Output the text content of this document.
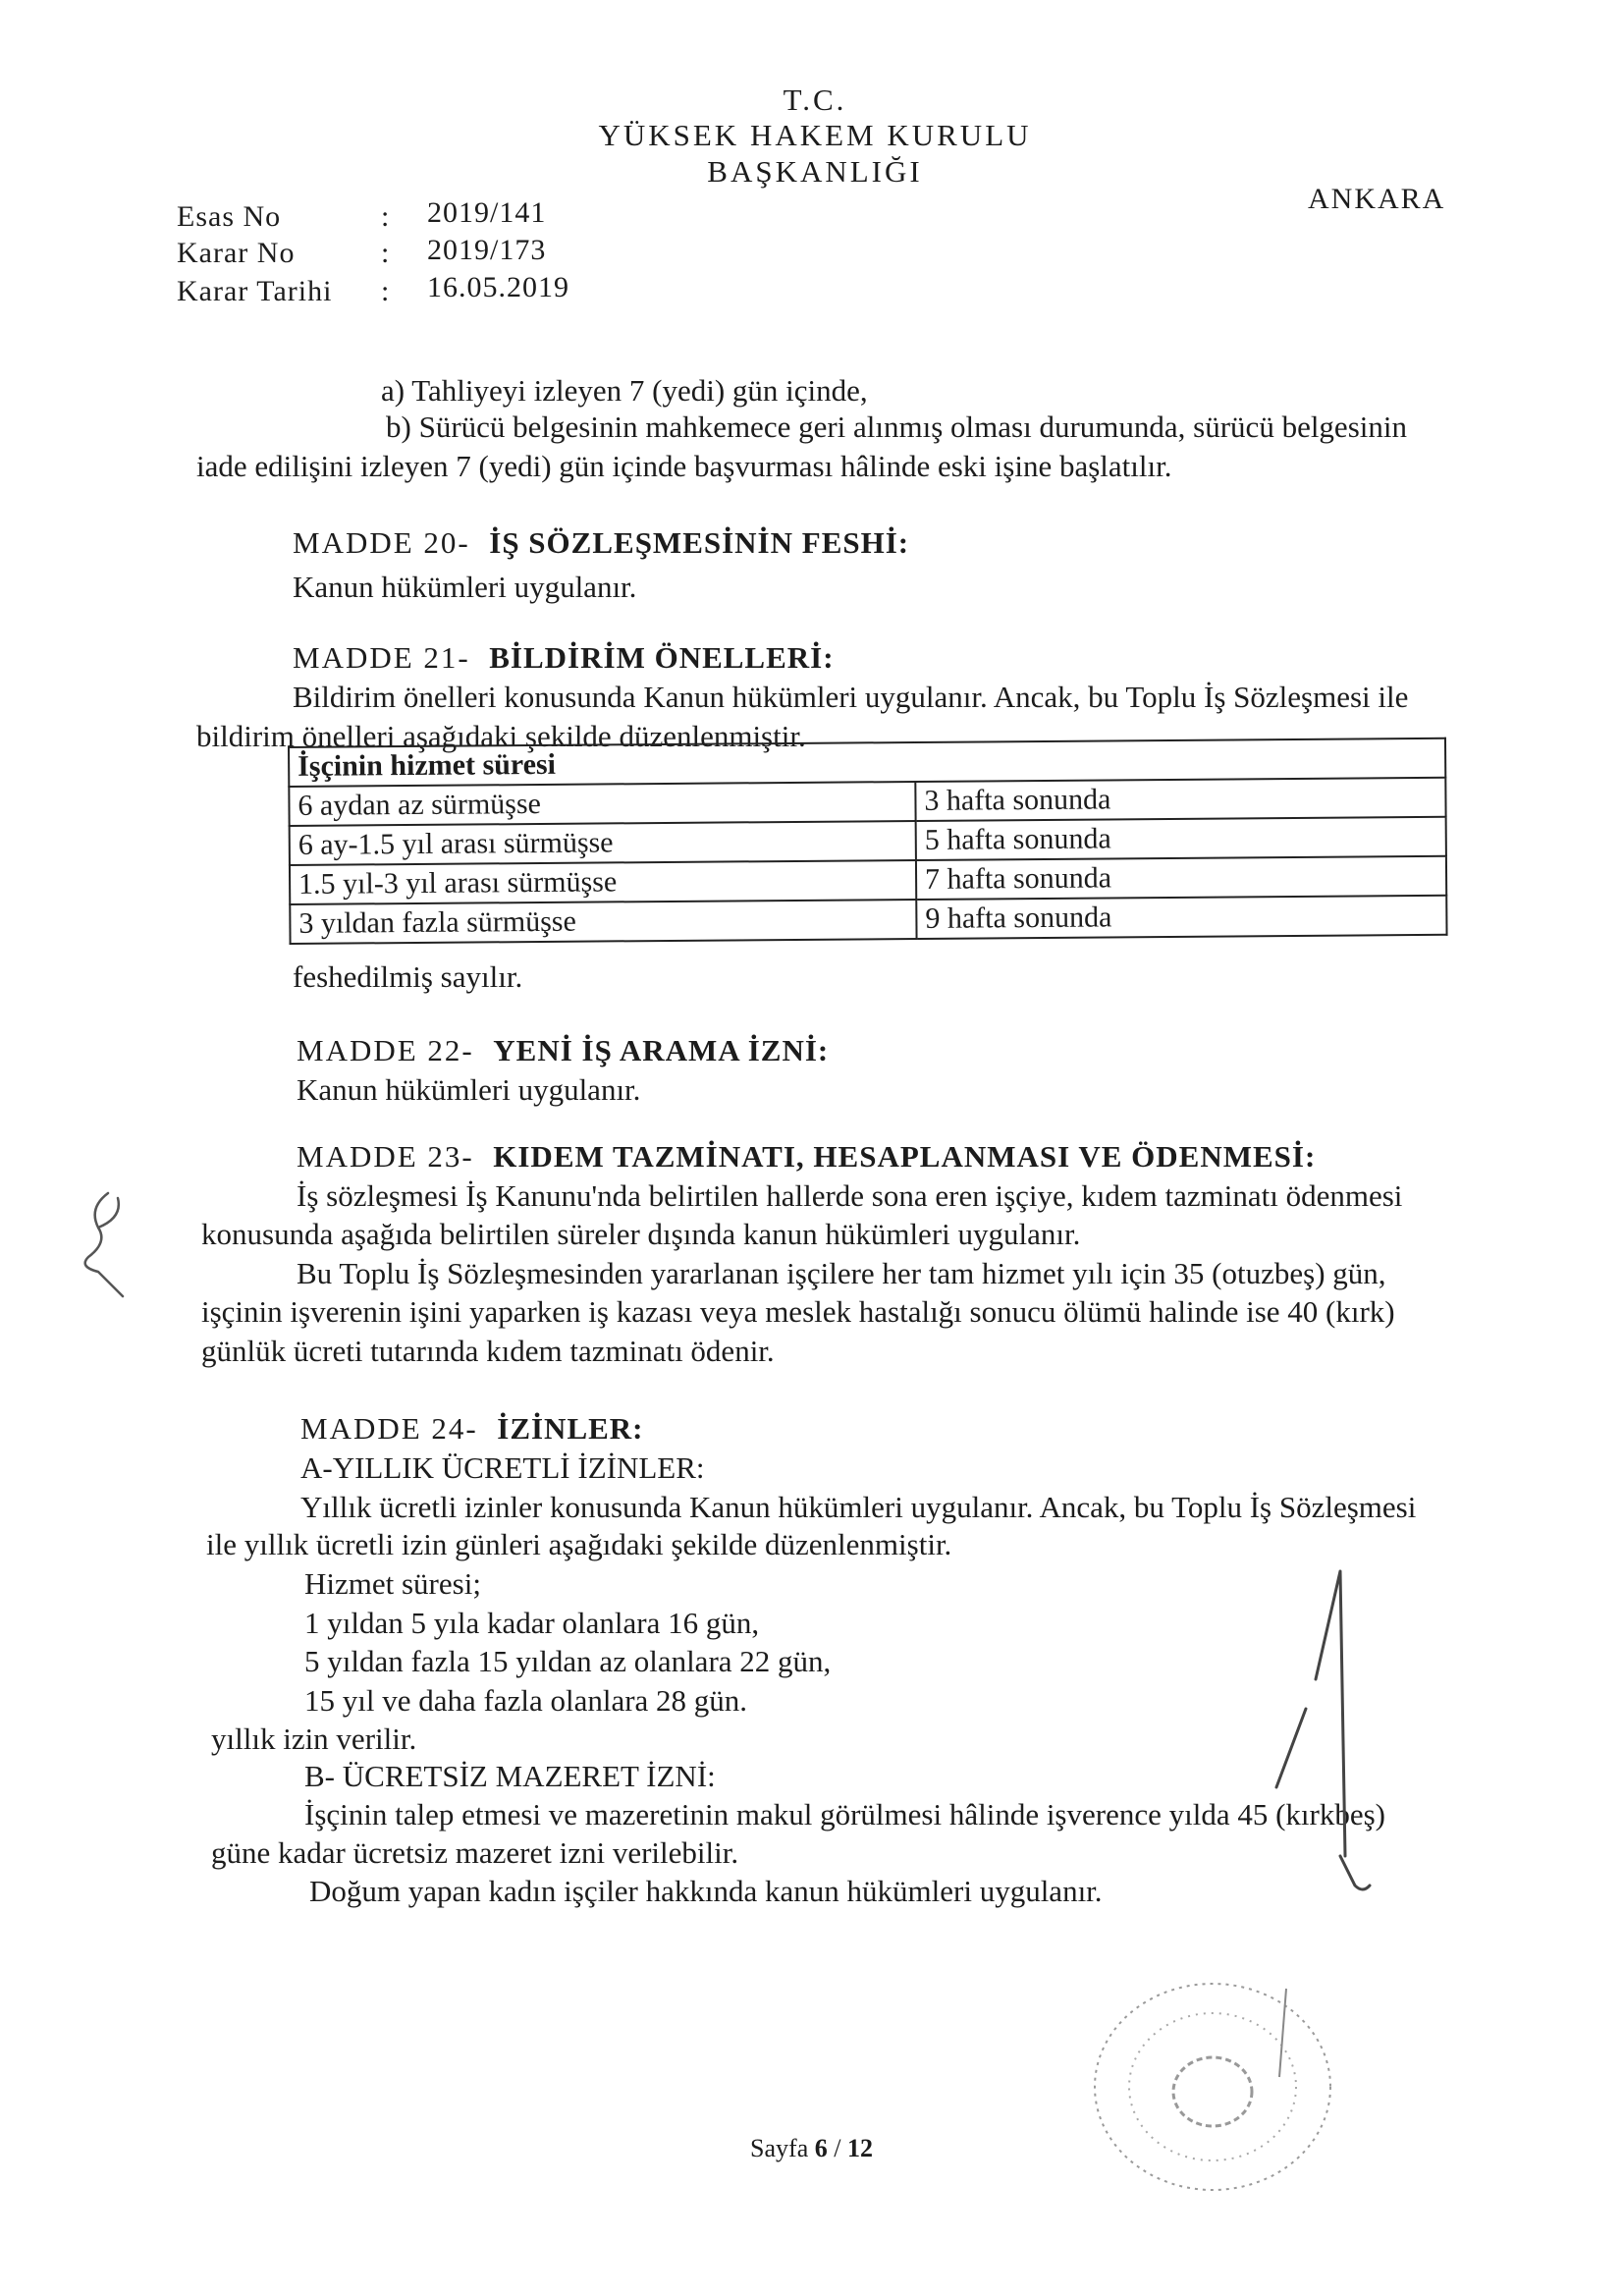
T.C.
YÜKSEK HAKEM KURULU
BAŞKANLIĞI
ANKARA
Esas No	: 2019/141
Karar No	: 2019/173
Karar Tarihi : 16.05.2019
a) Tahliyeyi izleyen 7 (yedi) gün içinde,
b) Sürücü belgesinin mahkemece geri alınmış olması durumunda, sürücü belgesinin
iade edilişini izleyen 7 (yedi) gün içinde başvurması hâlinde eski işine başlatılır.
MADDE 20- İŞ SÖZLEŞMESİNİN FESHİ:
Kanun hükümleri uygulanır.
MADDE 21- BİLDİRİM ÖNELLERİ:
Bildirim önelleri konusunda Kanun hükümleri uygulanır. Ancak, bu Toplu İş Sözleşmesi ile
bildirim önelleri aşağıdaki şekilde düzenlenmiştir.
İşçinin hizmet süresi	
6 aydan az sürmüşse	3 hafta sonunda
6 ay-1.5 yıl arası sürmüşse	5 hafta sonunda
1.5 yıl-3 yıl arası sürmüşse	7 hafta sonunda
3 yıldan fazla sürmüşse	9 hafta sonunda
feshedilmiş sayılır.
MADDE 22- YENİ İŞ ARAMA İZNİ:
Kanun hükümleri uygulanır.
MADDE 23- KIDEM TAZMİNATI, HESAPLANMASI VE ÖDENMESİ:
İş sözleşmesi İş Kanunu'nda belirtilen hallerde sona eren işçiye, kıdem tazminatı ödenmesi
konusunda aşağıda belirtilen süreler dışında kanun hükümleri uygulanır.
Bu Toplu İş Sözleşmesinden yararlanan işçilere her tam hizmet yılı için 35 (otuzbeş) gün,
işçinin işverenin işini yaparken iş kazası veya meslek hastalığı sonucu ölümü halinde ise 40 (kırk)
günlük ücreti tutarında kıdem tazminatı ödenir.
MADDE 24- İZİNLER:
A-YILLIK ÜCRETLİ İZİNLER:
Yıllık ücretli izinler konusunda Kanun hükümleri uygulanır. Ancak, bu Toplu İş Sözleşmesi
ile yıllık ücretli izin günleri aşağıdaki şekilde düzenlenmiştir.
Hizmet süresi;
1 yıldan 5 yıla kadar olanlara 16 gün,
5 yıldan fazla 15 yıldan az olanlara 22 gün,
15 yıl ve daha fazla olanlara 28 gün.
yıllık izin verilir.
B- ÜCRETSİZ MAZERET İZNİ:
İşçinin talep etmesi ve mazeretinin makul görülmesi hâlinde işverence yılda 45 (kırkbeş)
güne kadar ücretsiz mazeret izni verilebilir.
Doğum yapan kadın işçiler hakkında kanun hükümleri uygulanır.
Sayfa 6 / 12
